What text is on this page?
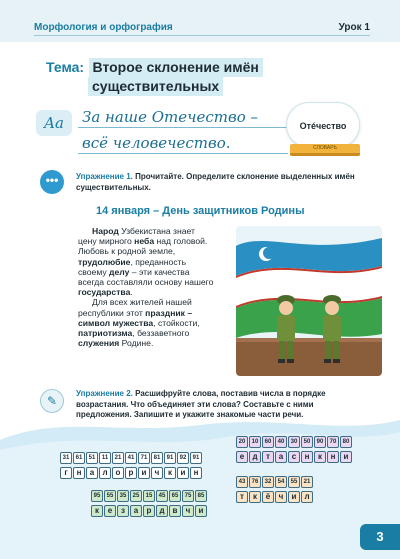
Морфология и орфография	Урок 1
Тема: Второе склонение имён
существительных
Aa	За наше Отечество –
всё человечество.
Отéчество
СЛОВАРЬ
•••	Упражнение 1. Прочитайте. Определите склонение выделенных имён существительных.
14 января – День защитников Родины

Народ Узбекистана знает

цену мирного неба над головой.

Любовь к родной земле,

трудолюбие, преданность

своему делу – эти качества

всегда составляли основу нашего

государства.

Для всех жителей нашей

республики этот праздник –

символ мужества, стойкости,

патриотизма, беззаветного

служения Родине.

✎
Упражнение 2. Расшифруйте слова, поставив числа в порядке возрастания. Что объединяет эти слова? Составьте с ними предложения. Запишите и укажите знакомые части речи.
31	61	51	11	21	41	71	81	91	92	91
г	н	а	л	о	р	и	ч	к	и	н
20	10	60	40	30	50	90	70	80
е	д	т	а	с	н	к	н	и
95	55	35	25	15	45	65	75	85
к	е	з	а	р	д	в	ч	и
43	76	32	54	55	21
т	к	ё	ч	и	л
3
